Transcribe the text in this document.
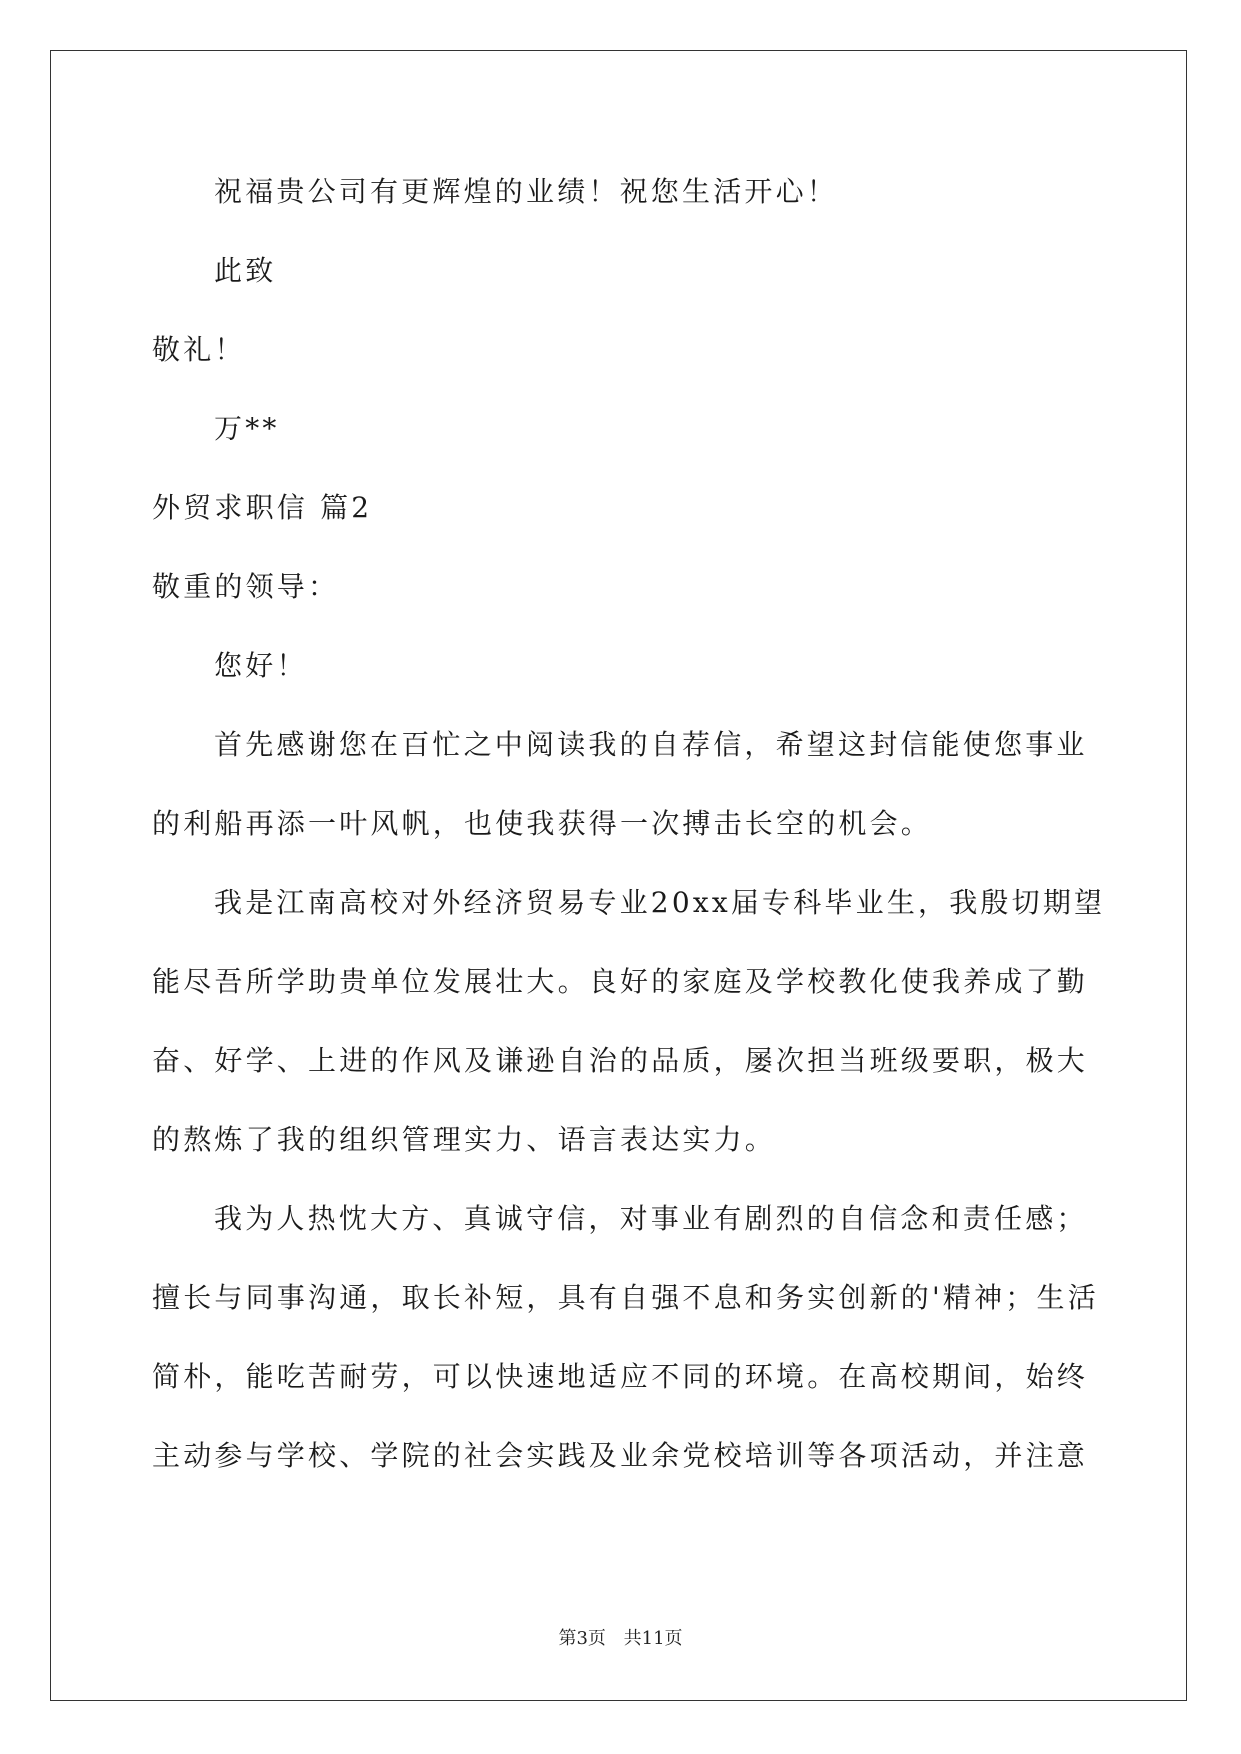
祝福贵公司有更辉煌的业绩！祝您生活开心！
此致
敬礼！
万**
外贸求职信 篇2
敬重的领导：
您好！
首先感谢您在百忙之中阅读我的自荐信，希望这封信能使您事业
的利船再添一叶风帆，也使我获得一次搏击长空的机会。
我是江南高校对外经济贸易专业20xx届专科毕业生，我殷切期望
能尽吾所学助贵单位发展壮大。良好的家庭及学校教化使我养成了勤
奋、好学、上进的作风及谦逊自治的品质，屡次担当班级要职，极大
的熬炼了我的组织管理实力、语言表达实力。
我为人热忱大方、真诚守信，对事业有剧烈的自信念和责任感；
擅长与同事沟通，取长补短，具有自强不息和务实创新的'精神；生活
简朴，能吃苦耐劳，可以快速地适应不同的环境。在高校期间，始终
主动参与学校、学院的社会实践及业余党校培训等各项活动，并注意
第3页 共11页
